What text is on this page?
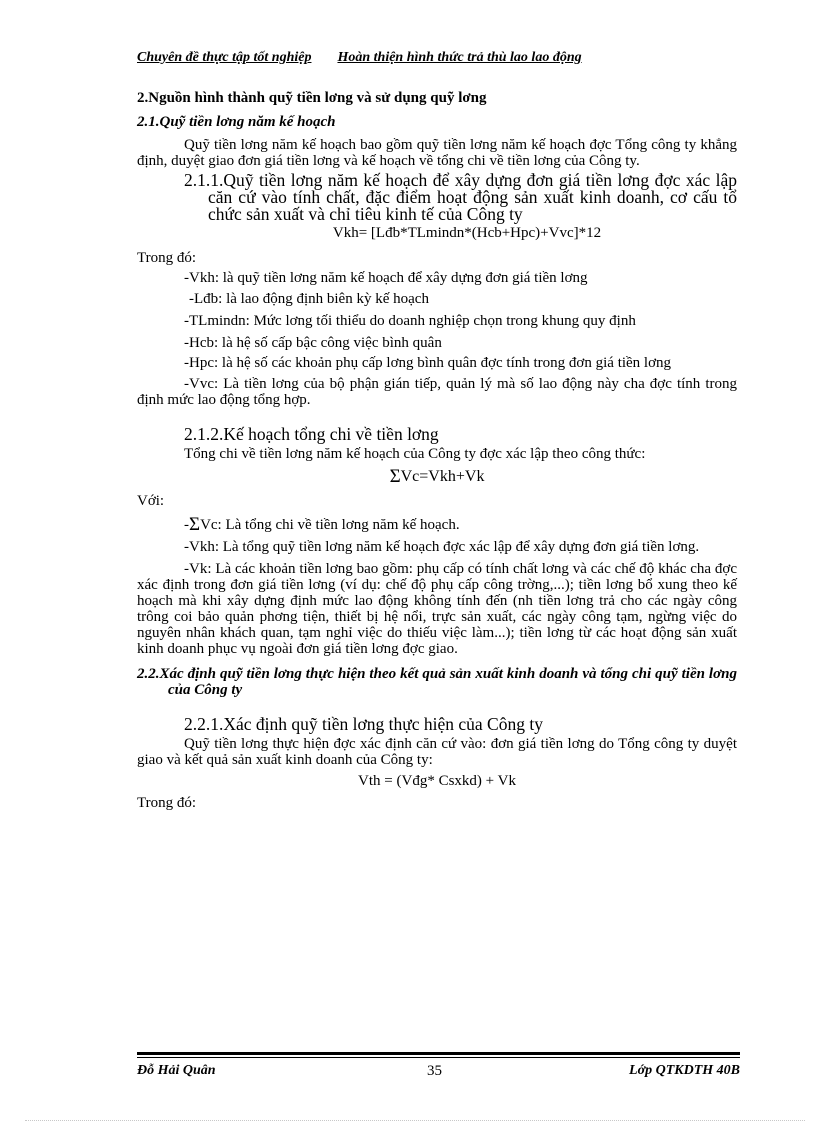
Chuyên đề thực tập tốt nghiệp Hoàn thiện hình thức trả thù lao lao động

2.Nguồn hình thành quỹ tiền lơng và sử dụng quỹ lơng

2.1.Quỹ tiền lơng năm kế hoạch

Quỹ tiền lơng năm kế hoạch bao gồm quỹ tiền lơng năm kế hoạch đợc Tổng công ty khẳng định, duyệt giao đơn giá tiền lơng và kế hoạch về tổng chi về tiền lơng của Công ty.

2.1.1.Quỹ tiền lơng năm kế hoạch để xây dựng đơn giá tiền lơng đợc xác lập căn cứ vào tính chất, đặc điểm hoạt động sản xuất kinh doanh, cơ cấu tổ chức sản xuất và chỉ tiêu kinh tế của Công ty

Vkh= [Lđb*TLmindn*(Hcb+Hpc)+Vvc]*12

Trong đó:

-Vkh: là quỹ tiền lơng năm kế hoạch để xây dựng đơn giá tiền lơng

-Lđb: là lao động định biên kỳ kế hoạch

-TLmindn: Mức lơng tối thiểu do doanh nghiệp chọn trong khung quy định

-Hcb: là hệ số cấp bậc công việc bình quân

-Hpc: là hệ số các khoản phụ cấp lơng bình quân đợc tính trong đơn giá tiền lơng

-Vvc: Là tiền lơng của bộ phận gián tiếp, quản lý mà số lao động này cha đợc tính trong định mức lao động tổng hợp.

2.1.2.Kế hoạch tổng chi về tiền lơng

Tổng chi về tiền lơng năm kế hoạch của Công ty đợc xác lập theo công thức:

ΣVc=Vkh+Vk

Với:

-ΣVc: Là tổng chi về tiền lơng năm kế hoạch.

-Vkh: Là tổng quỹ tiền lơng năm kế hoạch đợc xác lập để xây dựng đơn giá tiền lơng.

-Vk: Là các khoản tiền lơng bao gồm: phụ cấp có tính chất lơng và các chế độ khác cha đợc xác định trong đơn giá tiền lơng (ví dụ: chế độ phụ cấp công trờng,...); tiền lơng bổ xung theo kế hoạch mà khi xây dựng định mức lao động không tính đến (nh tiền lơng trả cho các ngày công trông coi bảo quản phơng tiện, thiết bị hệ nổi, trực sản xuất, các ngày công tạm, ngừng việc do nguyên nhân khách quan, tạm nghỉ việc do thiếu việc làm...); tiền lơng từ các hoạt động sản xuất kinh doanh phục vụ ngoài đơn giá tiền lơng đợc giao.

2.2.Xác định quỹ tiền lơng thực hiện theo kết quả sản xuất kinh doanh và tổng chi quỹ tiền lơng của Công ty

2.2.1.Xác định quỹ tiền lơng thực hiện của Công ty

Quỹ tiền lơng thực hiện đợc xác định căn cứ vào: đơn giá tiền lơng do Tổng công ty duyệt giao và kết quả sản xuất kinh doanh của Công ty:

Vth = (Vđg* Csxkd) + Vk

Trong đó:

Đỗ Hải Quân	35	Lớp QTKDTH 40B
